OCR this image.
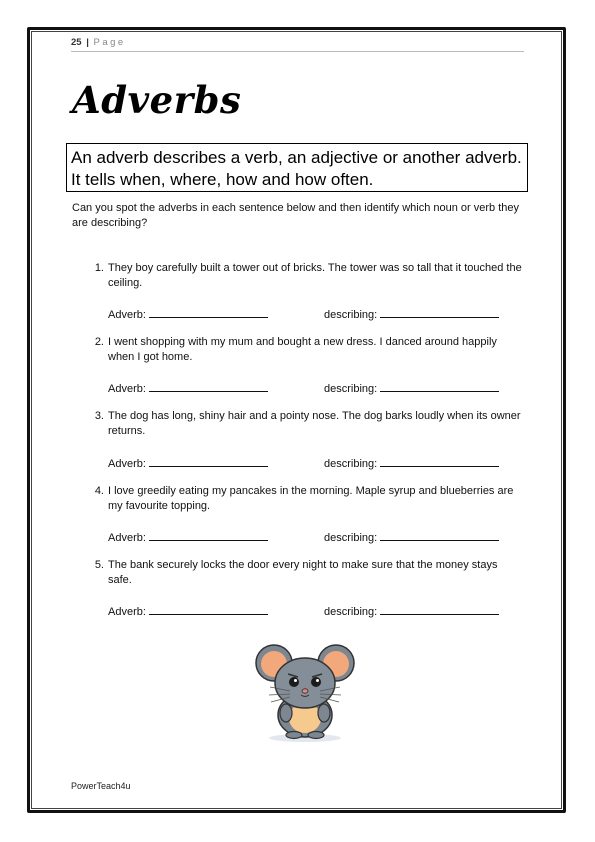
25 | Page
Adverbs
An adverb describes a verb, an adjective or another adverb. It tells when, where, how and how often.
Can you spot the adverbs in each sentence below and then identify which noun or verb they are describing?
1. They boy carefully built a tower out of bricks. The tower was so tall that it touched the ceiling.
Adverb:	describing:
2. I went shopping with my mum and bought a new dress. I danced around happily when I got home.
Adverb:	describing:
3. The dog has long, shiny hair and a pointy nose. The dog barks loudly when its owner returns.
Adverb:	describing:
4. I love greedily eating my pancakes in the morning. Maple syrup and blueberries are my favourite topping.
Adverb:	describing:
5. The bank securely locks the door every night to make sure that the money stays safe.
Adverb:	describing:
PowerTeach4u
